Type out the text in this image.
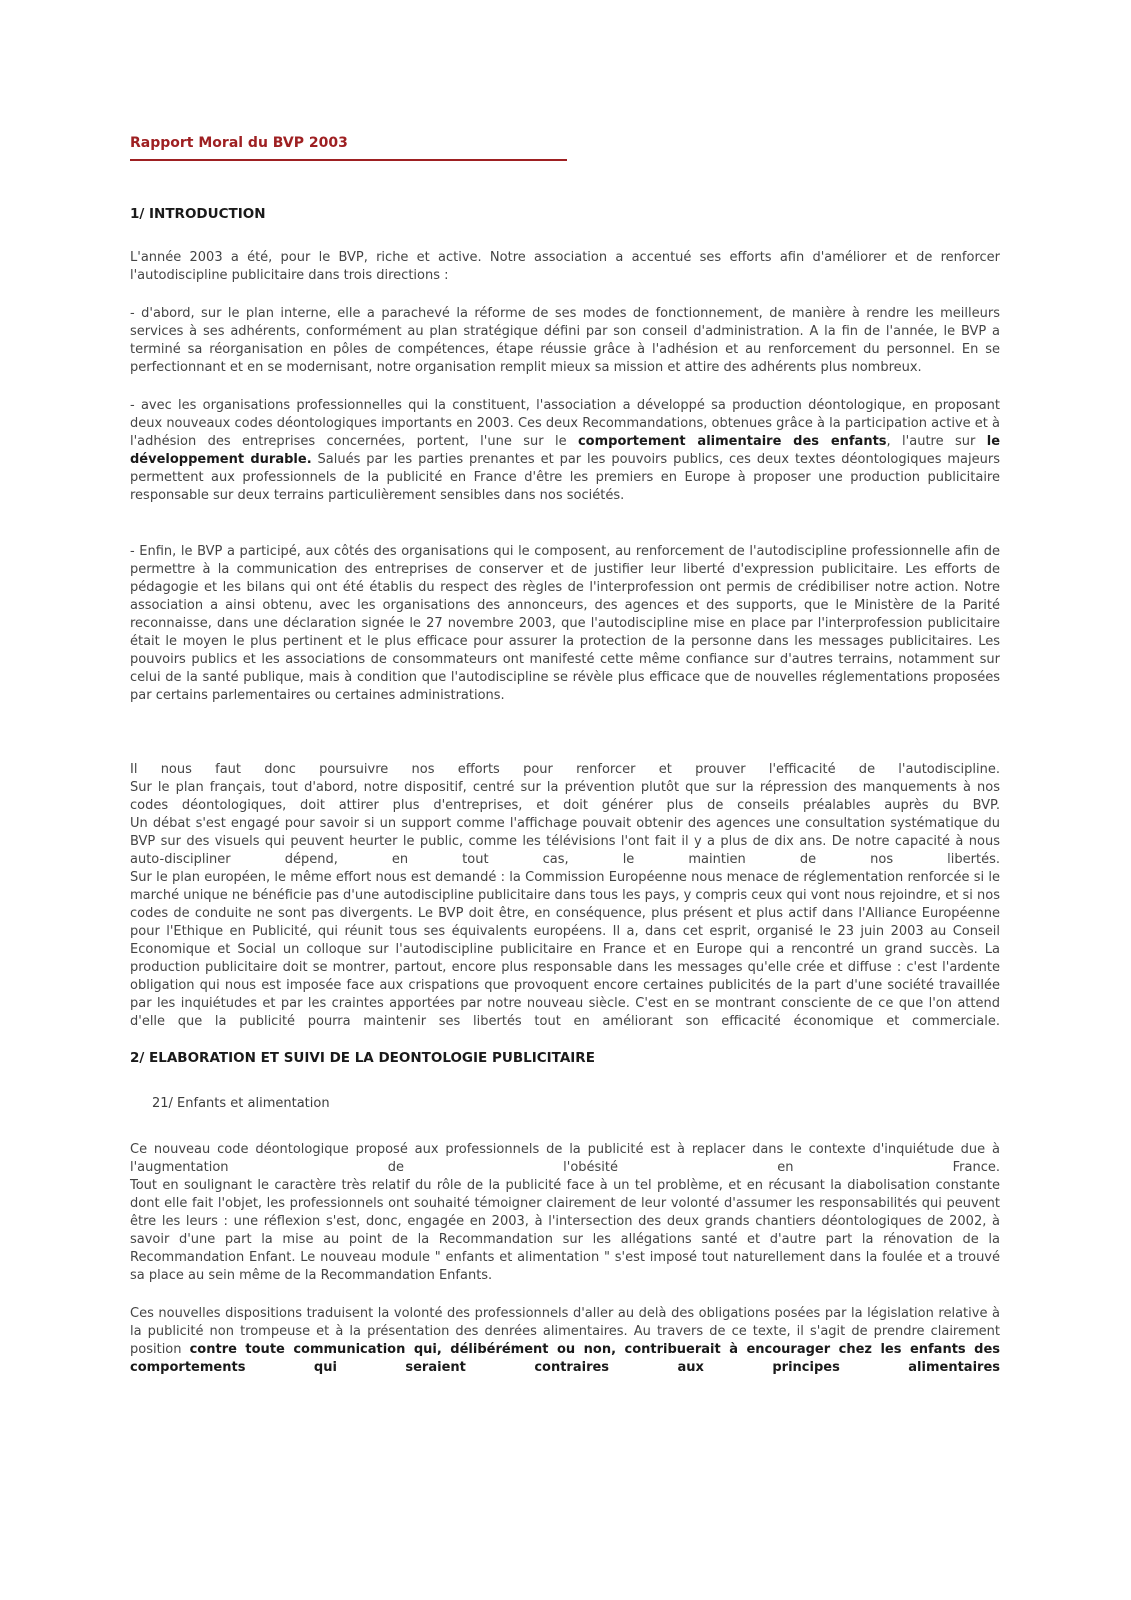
Rapport Moral du BVP 2003
1/ INTRODUCTION

L'année 2003 a été, pour le BVP, riche et active. Notre association a accentué ses efforts afin d'améliorer et de renforcer l'autodiscipline publicitaire dans trois directions :

- d'abord, sur le plan interne, elle a parachevé la réforme de ses modes de fonctionnement, de manière à rendre les meilleurs services à ses adhérents, conformément au plan stratégique défini par son conseil d'administration. A la fin de l'année, le BVP a terminé sa réorganisation en pôles de compétences, étape réussie grâce à l'adhésion et au renforcement du personnel. En se perfectionnant et en se modernisant, notre organisation remplit mieux sa mission et attire des adhérents plus nombreux.

- avec les organisations professionnelles qui la constituent, l'association a développé sa production déontologique, en proposant deux nouveaux codes déontologiques importants en 2003. Ces deux Recommandations, obtenues grâce à la participation active et à l'adhésion des entreprises concernées, portent, l'une sur le comportement alimentaire des enfants, l'autre sur le développement durable. Salués par les parties prenantes et par les pouvoirs publics, ces deux textes déontologiques majeurs permettent aux professionnels de la publicité en France d'être les premiers en Europe à proposer une production publicitaire responsable sur deux terrains particulièrement sensibles dans nos sociétés.

- Enfin, le BVP a participé, aux côtés des organisations qui le composent, au renforcement de l'autodiscipline professionnelle afin de permettre à la communication des entreprises de conserver et de justifier leur liberté d'expression publicitaire. Les efforts de pédagogie et les bilans qui ont été établis du respect des règles de l'interprofession ont permis de crédibiliser notre action. Notre association a ainsi obtenu, avec les organisations des annonceurs, des agences et des supports, que le Ministère de la Parité reconnaisse, dans une déclaration signée le 27 novembre 2003, que l'autodiscipline mise en place par l'interprofession publicitaire était le moyen le plus pertinent et le plus efficace pour assurer la protection de la personne dans les messages publicitaires. Les pouvoirs publics et les associations de consommateurs ont manifesté cette même confiance sur d'autres terrains, notamment sur celui de la santé publique, mais à condition que l'autodiscipline se révèle plus efficace que de nouvelles réglementations proposées par certains parlementaires ou certaines administrations.

Il nous faut donc poursuivre nos efforts pour renforcer et prouver l'efficacité de l'autodiscipline.
Sur le plan français, tout d'abord, notre dispositif, centré sur la prévention plutôt que sur la répression des manquements à nos codes déontologiques, doit attirer plus d'entreprises, et doit générer plus de conseils préalables auprès du BVP.
Un débat s'est engagé pour savoir si un support comme l'affichage pouvait obtenir des agences une consultation systématique du BVP sur des visuels qui peuvent heurter le public, comme les télévisions l'ont fait il y a plus de dix ans. De notre capacité à nous auto-discipliner dépend, en tout cas, le maintien de nos libertés.
Sur le plan européen, le même effort nous est demandé : la Commission Européenne nous menace de réglementation renforcée si le marché unique ne bénéficie pas d'une autodiscipline publicitaire dans tous les pays, y compris ceux qui vont nous rejoindre, et si nos codes de conduite ne sont pas divergents. Le BVP doit être, en conséquence, plus présent et plus actif dans l'Alliance Européenne pour l'Ethique en Publicité, qui réunit tous ses équivalents européens. Il a, dans cet esprit, organisé le 23 juin 2003 au Conseil Economique et Social un colloque sur l'autodiscipline publicitaire en France et en Europe qui a rencontré un grand succès. La production publicitaire doit se montrer, partout, encore plus responsable dans les messages qu'elle crée et diffuse : c'est l'ardente obligation qui nous est imposée face aux crispations que provoquent encore certaines publicités de la part d'une société travaillée par les inquiétudes et par les craintes apportées par notre nouveau siècle. C'est en se montrant consciente de ce que l'on attend d'elle que la publicité pourra maintenir ses libertés tout en améliorant son efficacité économique et commerciale.
2/ ELABORATION ET SUIVI DE LA DEONTOLOGIE PUBLICITAIRE
21/ Enfants et alimentation
Ce nouveau code déontologique proposé aux professionnels de la publicité est à replacer dans le contexte d'inquiétude due à l'augmentation de l'obésité en France.
Tout en soulignant le caractère très relatif du rôle de la publicité face à un tel problème, et en récusant la diabolisation constante dont elle fait l'objet, les professionnels ont souhaité témoigner clairement de leur volonté d'assumer les responsabilités qui peuvent être les leurs : une réflexion s'est, donc, engagée en 2003, à l'intersection des deux grands chantiers déontologiques de 2002, à savoir d'une part la mise au point de la Recommandation sur les allégations santé et d'autre part la rénovation de la Recommandation Enfant. Le nouveau module " enfants et alimentation " s'est imposé tout naturellement dans la foulée et a trouvé sa place au sein même de la Recommandation Enfants.

Ces nouvelles dispositions traduisent la volonté des professionnels d'aller au delà des obligations posées par la législation relative à la publicité non trompeuse et à la présentation des denrées alimentaires. Au travers de ce texte, il s'agit de prendre clairement position contre toute communication qui, délibérément ou non, contribuerait à encourager chez les enfants des comportements qui seraient contraires aux principes alimentaires
